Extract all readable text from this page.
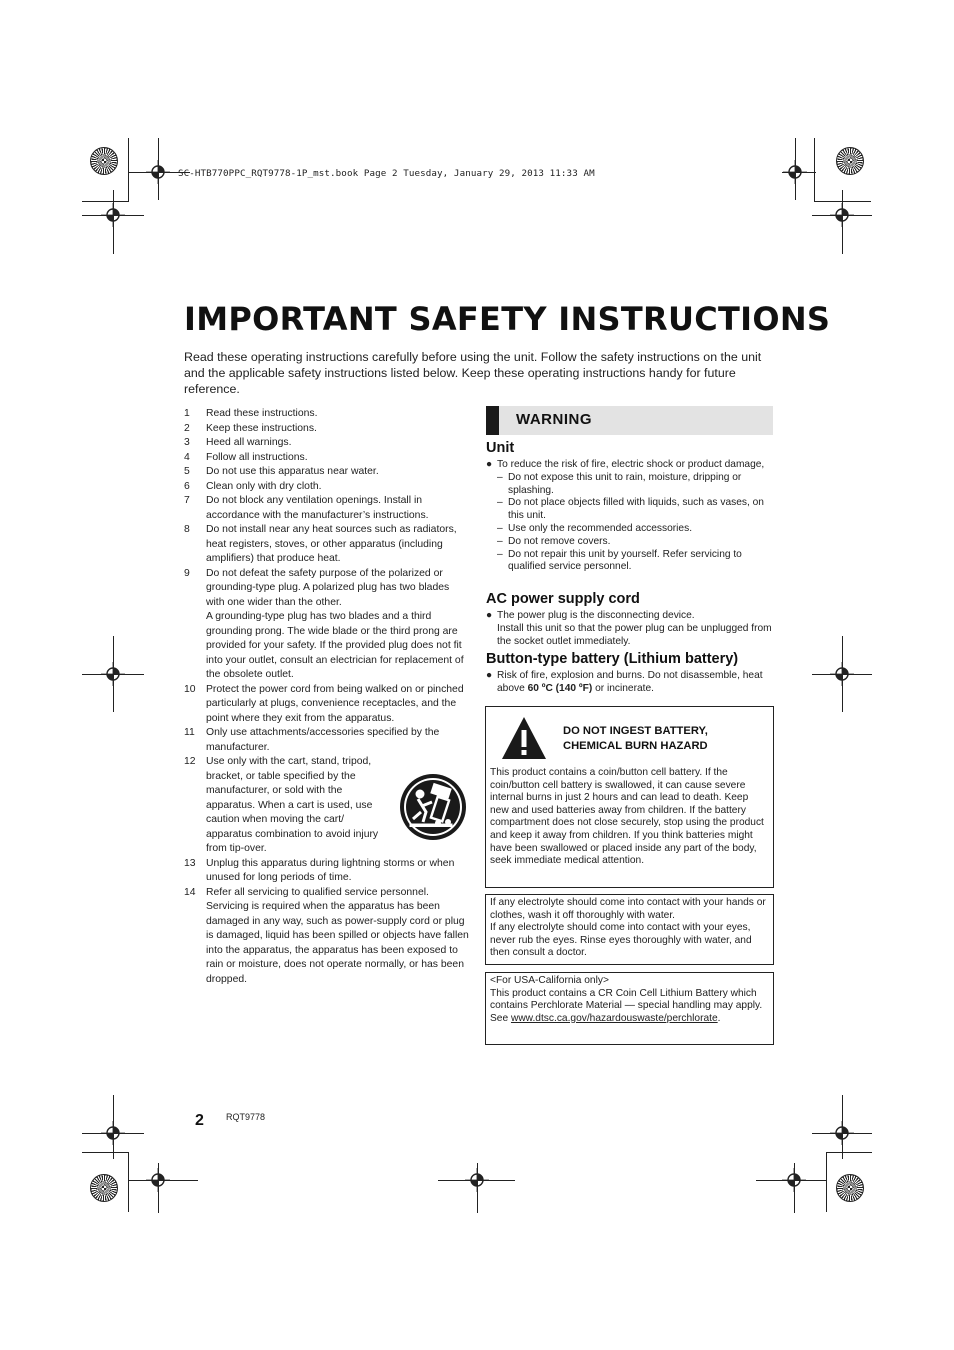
SC-HTB770PPC_RQT9778-1P_mst.book Page 2 Tuesday, January 29, 2013 11:33 AM
IMPORTANT SAFETY INSTRUCTIONS
Read these operating instructions carefully before using the unit. Follow the safety instructions on the unit and the applicable safety instructions listed below. Keep these operating instructions handy for future reference.
1	Read these instructions.
2	Keep these instructions.
3	Heed all warnings.
4	Follow all instructions.
5	Do not use this apparatus near water.
6	Clean only with dry cloth.
7	Do not block any ventilation openings. Install in accordance with the manufacturer’s instructions.
8	Do not install near any heat sources such as radiators, heat registers, stoves, or other apparatus (including amplifiers) that produce heat.
9	Do not defeat the safety purpose of the polarized or grounding-type plug. A polarized plug has two blades with one wider than the other.
A grounding-type plug has two blades and a third grounding prong. The wide blade or the third prong are provided for your safety. If the provided plug does not fit into your outlet, consult an electrician for replacement of the obsolete outlet.
10	Protect the power cord from being walked on or pinched particularly at plugs, convenience receptacles, and the point where they exit from the apparatus.
11	Only use attachments/accessories specified by the manufacturer.
12	Use only with the cart, stand, tripod, bracket, or table specified by the manufacturer, or sold with the apparatus. When a cart is used, use caution when moving the cart/ apparatus combination to avoid injury from tip-over.
13	Unplug this apparatus during lightning storms or when unused for long periods of time.
14	Refer all servicing to qualified service personnel. Servicing is required when the apparatus has been damaged in any way, such as power-supply cord or plug is damaged, liquid has been spilled or objects have fallen into the apparatus, the apparatus has been exposed to rain or moisture, does not operate normally, or has been dropped.
WARNING
Unit
● To reduce the risk of fire, electric shock or product damage,
– Do not expose this unit to rain, moisture, dripping or splashing.
– Do not place objects filled with liquids, such as vases, on this unit.
– Use only the recommended accessories.
– Do not remove covers.
– Do not repair this unit by yourself. Refer servicing to qualified service personnel.
AC power supply cord
● The power plug is the disconnecting device.
Install this unit so that the power plug can be unplugged from the socket outlet immediately.
Button-type battery (Lithium battery)
● Risk of fire, explosion and burns. Do not disassemble, heat above 60 ºC (140 ºF) or incinerate.
DO NOT INGEST BATTERY,
CHEMICAL BURN HAZARD
This product contains a coin/button cell battery. If the coin/button cell battery is swallowed, it can cause severe internal burns in just 2 hours and can lead to death. Keep new and used batteries away from children. If the battery compartment does not close securely, stop using the product and keep it away from children. If you think batteries might have been swallowed or placed inside any part of the body, seek immediate medical attention.
If any electrolyte should come into contact with your hands or clothes, wash it off thoroughly with water.
If any electrolyte should come into contact with your eyes, never rub the eyes. Rinse eyes thoroughly with water, and then consult a doctor.
<For USA-California only>
This product contains a CR Coin Cell Lithium Battery which contains Perchlorate Material — special handling may apply.
See www.dtsc.ca.gov/hazardouswaste/perchlorate.
2 RQT9778
